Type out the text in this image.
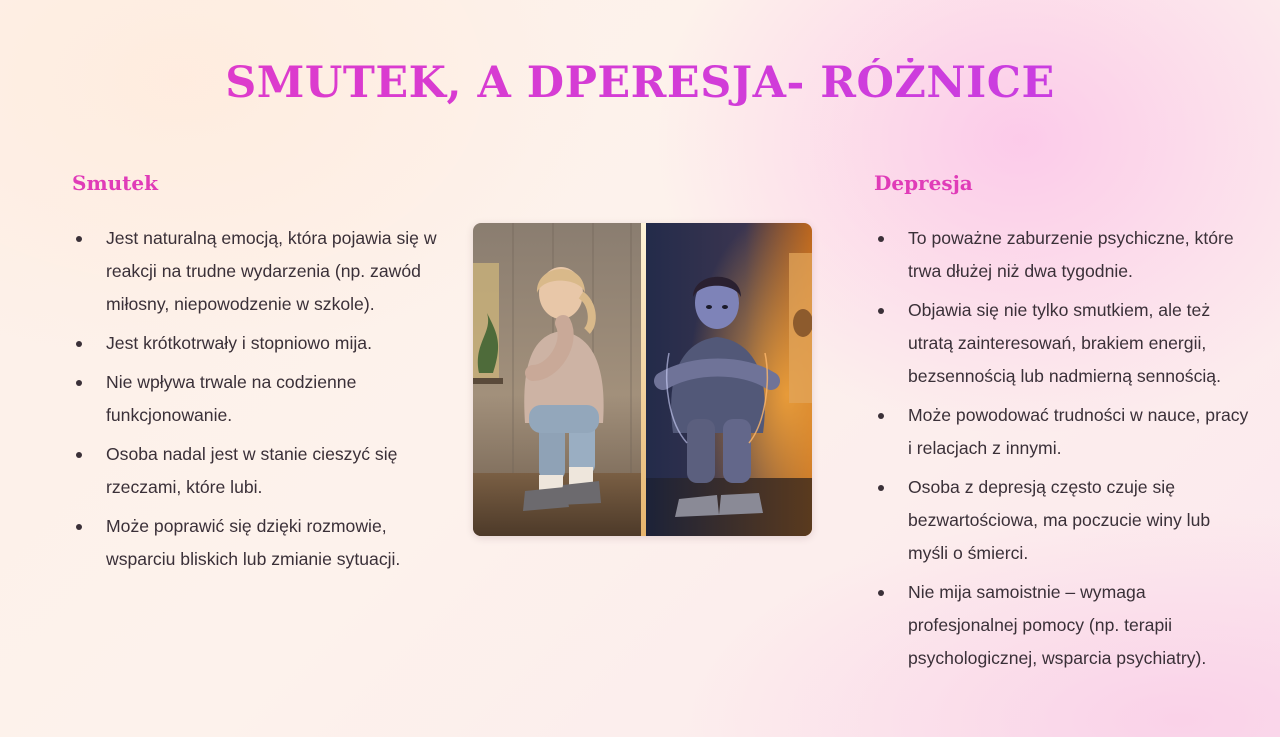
SMUTEK, A DPERESJA- RÓŻNICE
Smutek
Jest naturalną emocją, która pojawia się w reakcji na trudne wydarzenia (np. zawód miłosny, niepowodzenie w szkole).
Jest krótkotrwały i stopniowo mija.
Nie wpływa trwale na codzienne funkcjonowanie.
Osoba nadal jest w stanie cieszyć się rzeczami, które lubi.
Może poprawić się dzięki rozmowie, wsparciu bliskich lub zmianie sytuacji.
Depresja
To poważne zaburzenie psychiczne, które trwa dłużej niż dwa tygodnie.
Objawia się nie tylko smutkiem, ale też utratą zainteresowań, brakiem energii, bezsennością lub nadmierną sennością.
Może powodować trudności w nauce, pracy i relacjach z innymi.
Osoba z depresją często czuje się bezwartościowa, ma poczucie winy lub myśli o śmierci.
Nie mija samoistnie – wymaga profesjonalnej pomocy (np. terapii psychologicznej, wsparcia psychiatry).
